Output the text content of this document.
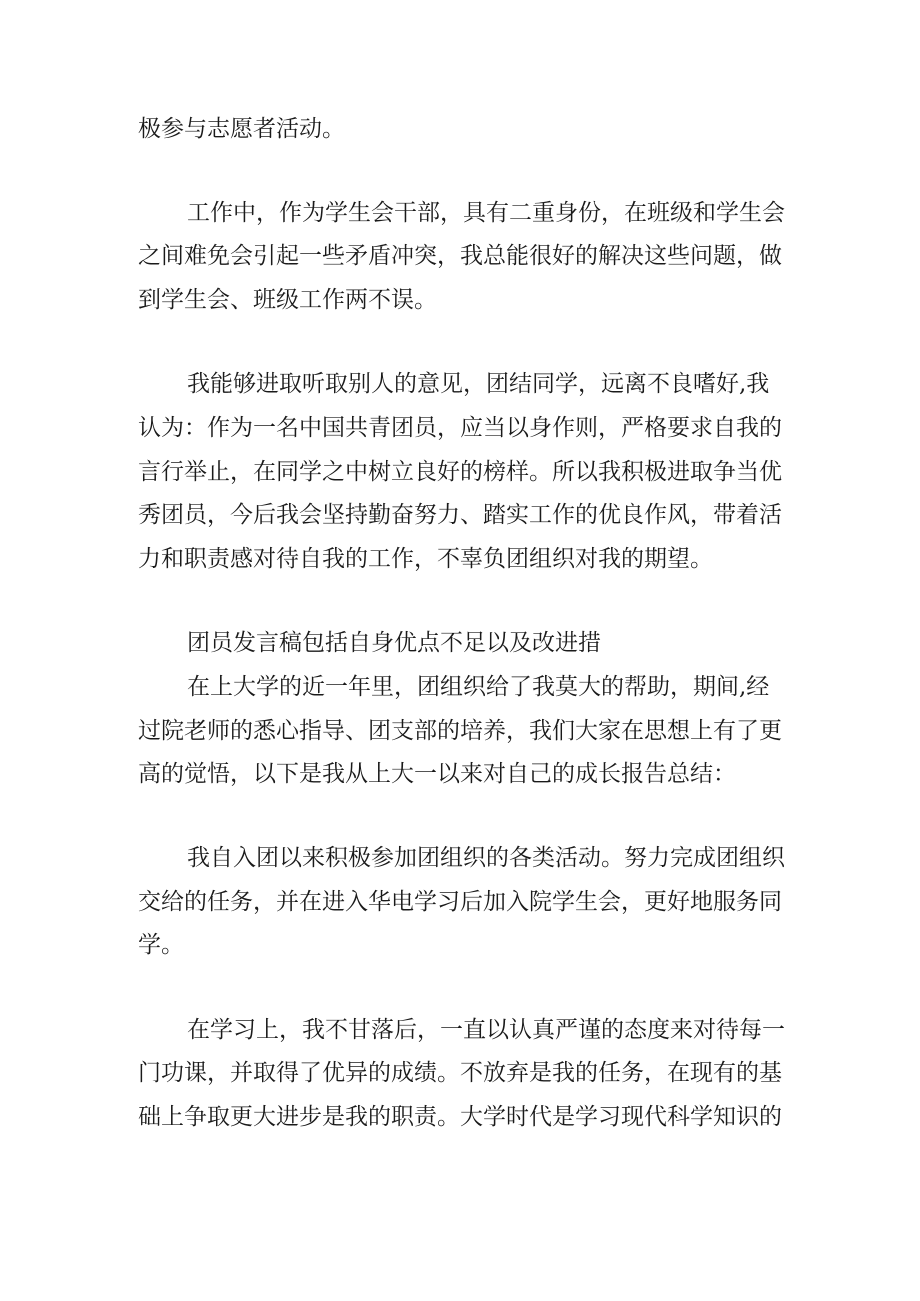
极参与志愿者活动。

工作中，作为学生会干部，具有二重身份，在班级和学生会

之间难免会引起一些矛盾冲突，我总能很好的解决这些问题，做

到学生会、班级工作两不误。

我能够进取听取别人的意见，团结同学，远离不良嗜好,我

认为：作为一名中国共青团员，应当以身作则，严格要求自我的

言行举止，在同学之中树立良好的榜样。所以我积极进取争当优

秀团员，今后我会坚持勤奋努力、踏实工作的优良作风，带着活

力和职责感对待自我的工作，不辜负团组织对我的期望。

团员发言稿包括自身优点不足以及改进措

在上大学的近一年里，团组织给了我莫大的帮助，期间,经

过院老师的悉心指导、团支部的培养，我们大家在思想上有了更

高的觉悟，以下是我从上大一以来对自己的成长报告总结：

我自入团以来积极参加团组织的各类活动。努力完成团组织

交给的任务，并在进入华电学习后加入院学生会，更好地服务同

学。

在学习上，我不甘落后，一直以认真严谨的态度来对待每一

门功课，并取得了优异的成绩。不放弃是我的任务，在现有的基

础上争取更大进步是我的职责。大学时代是学习现代科学知识的
